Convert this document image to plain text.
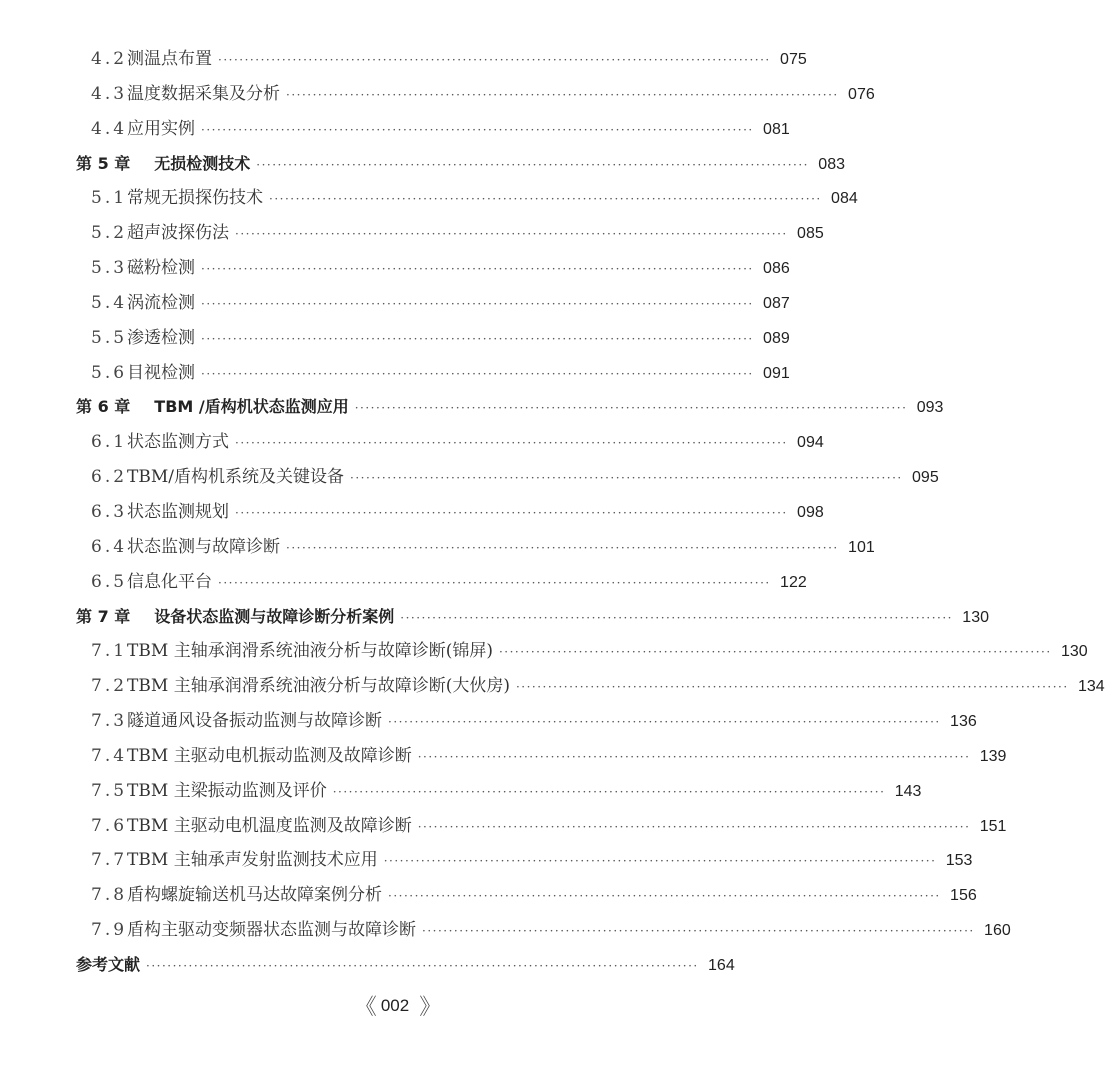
4.2 测温点布置 ········································································································ 075
4.3 温度数据采集及分析 ········································································································ 076
4.4 应用实例 ········································································································ 081
第 5 章 无损检测技术 ········································································································ 083
5.1 常规无损探伤技术 ········································································································ 084
5.2 超声波探伤法 ········································································································ 085
5.3 磁粉检测 ········································································································ 086
5.4 涡流检测 ········································································································ 087
5.5 渗透检测 ········································································································ 089
5.6 目视检测 ········································································································ 091
第 6 章 TBM /盾构机状态监测应用 ········································································································ 093
6.1 状态监测方式 ········································································································ 094
6.2 TBM/盾构机系统及关键设备 ········································································································ 095
6.3 状态监测规划 ········································································································ 098
6.4 状态监测与故障诊断 ········································································································ 101
6.5 信息化平台 ········································································································ 122
第 7 章 设备状态监测与故障诊断分析案例 ········································································································ 130
7.1 TBM 主轴承润滑系统油液分析与故障诊断(锦屏) ········································································································ 130
7.2 TBM 主轴承润滑系统油液分析与故障诊断(大伙房) ········································································································ 134
7.3 隧道通风设备振动监测与故障诊断 ········································································································ 136
7.4 TBM 主驱动电机振动监测及故障诊断 ········································································································ 139
7.5 TBM 主梁振动监测及评价 ········································································································ 143
7.6 TBM 主驱动电机温度监测及故障诊断 ········································································································ 151
7.7 TBM 主轴承声发射监测技术应用 ········································································································ 153
7.8 盾构螺旋输送机马达故障案例分析 ········································································································ 156
7.9 盾构主驱动变频器状态监测与故障诊断 ········································································································ 160
参考文献 ········································································································ 164
《 002 》
